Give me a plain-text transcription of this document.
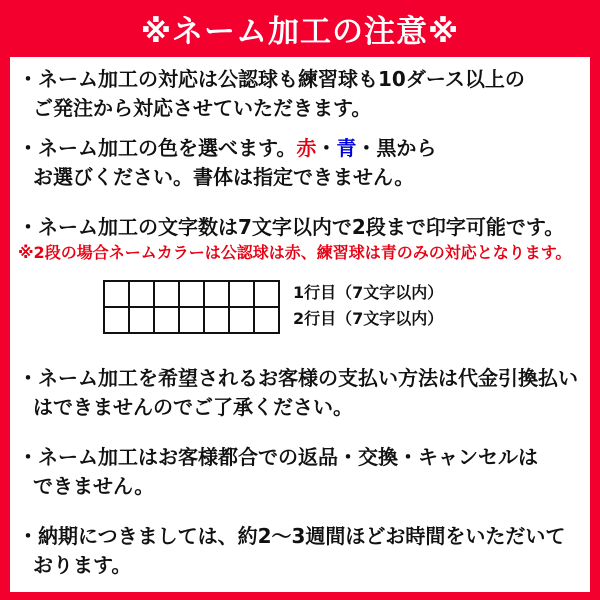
※ネーム加工の注意※
・ネーム加工の対応は公認球も練習球も10ダース以上の
ご発注から対応させていただきます。
・ネーム加工の色を選べます。赤・青・黒から
お選びください。書体は指定できません。
・ネーム加工の文字数は7文字以内で2段まで印字可能です。
※2段の場合ネームカラーは公認球は赤、練習球は青のみの対応となります。
1行目（7文字以内）
2行目（7文字以内）
・ネーム加工を希望されるお客様の支払い方法は代金引換払い
はできませんのでご了承ください。
・ネーム加工はお客様都合での返品・交換・キャンセルは
できません。
・納期につきましては、約2～3週間ほどお時間をいただいて
おります。
